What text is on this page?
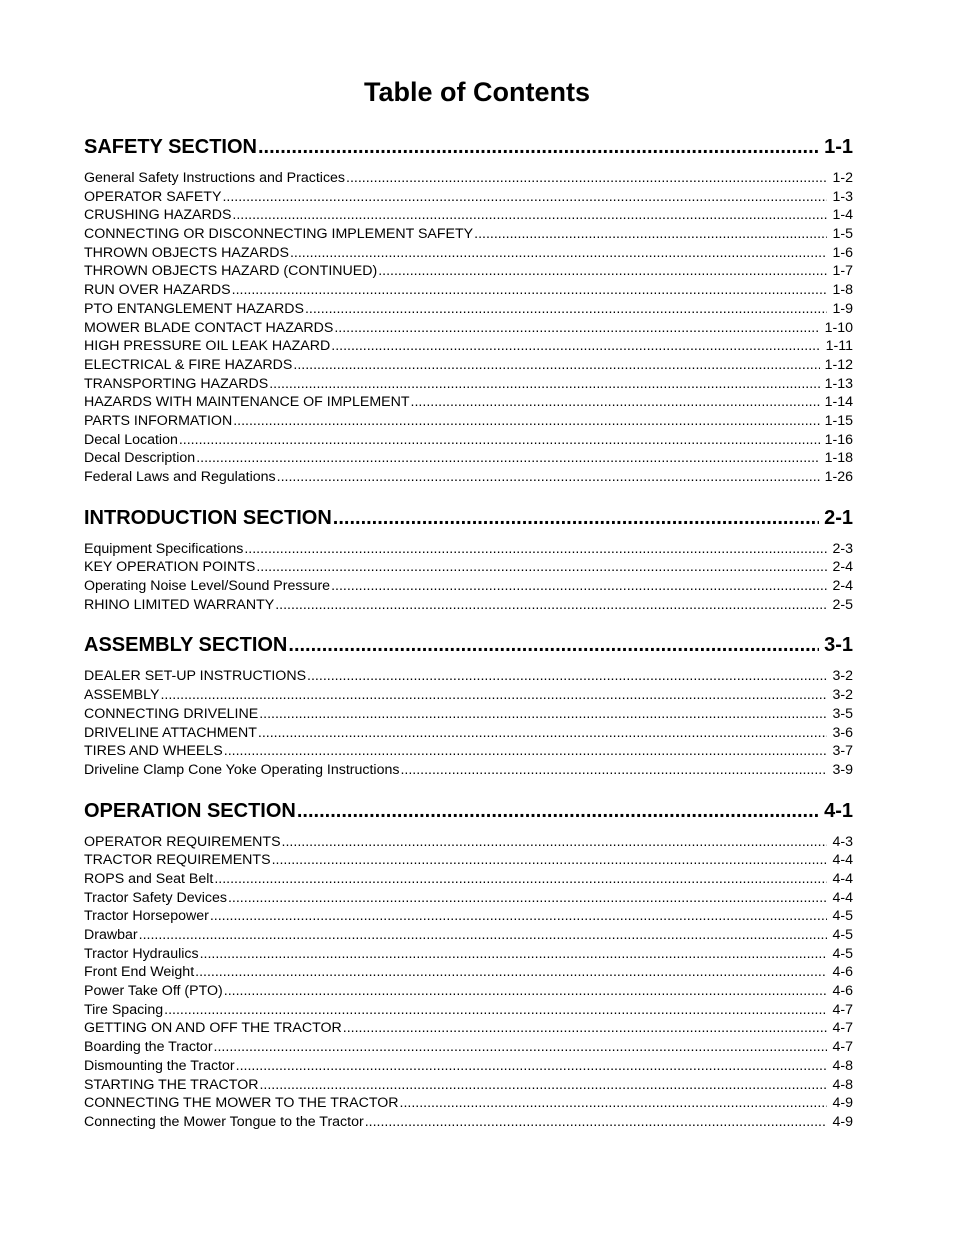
Table of Contents
SAFETY SECTION .....	1-1
General Safety Instructions and Practices .....	1-2
OPERATOR SAFETY .....	1-3
CRUSHING HAZARDS .....	1-4
CONNECTING OR DISCONNECTING IMPLEMENT SAFETY .....	1-5
THROWN OBJECTS HAZARDS .....	1-6
THROWN OBJECTS HAZARD (CONTINUED) .....	1-7
RUN OVER HAZARDS .....	1-8
PTO ENTANGLEMENT HAZARDS .....	1-9
MOWER BLADE CONTACT HAZARDS .....	1-10
HIGH PRESSURE OIL LEAK HAZARD .....	1-11
ELECTRICAL & FIRE HAZARDS .....	1-12
TRANSPORTING HAZARDS .....	1-13
HAZARDS WITH MAINTENANCE OF IMPLEMENT .....	1-14
PARTS INFORMATION .....	1-15
Decal Location .....	1-16
Decal Description .....	1-18
Federal Laws and Regulations .....	1-26
INTRODUCTION SECTION .....	2-1
Equipment Specifications .....	2-3
KEY OPERATION POINTS .....	2-4
Operating Noise Level/Sound Pressure .....	2-4
RHINO LIMITED WARRANTY .....	2-5
ASSEMBLY SECTION .....	3-1
DEALER SET-UP INSTRUCTIONS .....	3-2
ASSEMBLY .....	3-2
CONNECTING DRIVELINE .....	3-5
DRIVELINE ATTACHMENT .....	3-6
TIRES AND WHEELS .....	3-7
Driveline Clamp Cone Yoke Operating Instructions .....	3-9
OPERATION SECTION .....	4-1
OPERATOR REQUIREMENTS .....	4-3
TRACTOR REQUIREMENTS .....	4-4
ROPS and Seat Belt .....	4-4
Tractor Safety Devices .....	4-4
Tractor Horsepower .....	4-5
Drawbar .....	4-5
Tractor Hydraulics .....	4-5
Front End Weight .....	4-6
Power Take Off (PTO) .....	4-6
Tire Spacing .....	4-7
GETTING ON AND OFF THE TRACTOR .....	4-7
Boarding the Tractor .....	4-7
Dismounting the Tractor .....	4-8
STARTING THE TRACTOR .....	4-8
CONNECTING THE MOWER TO THE TRACTOR .....	4-9
Connecting the Mower Tongue to the Tractor .....	4-9
